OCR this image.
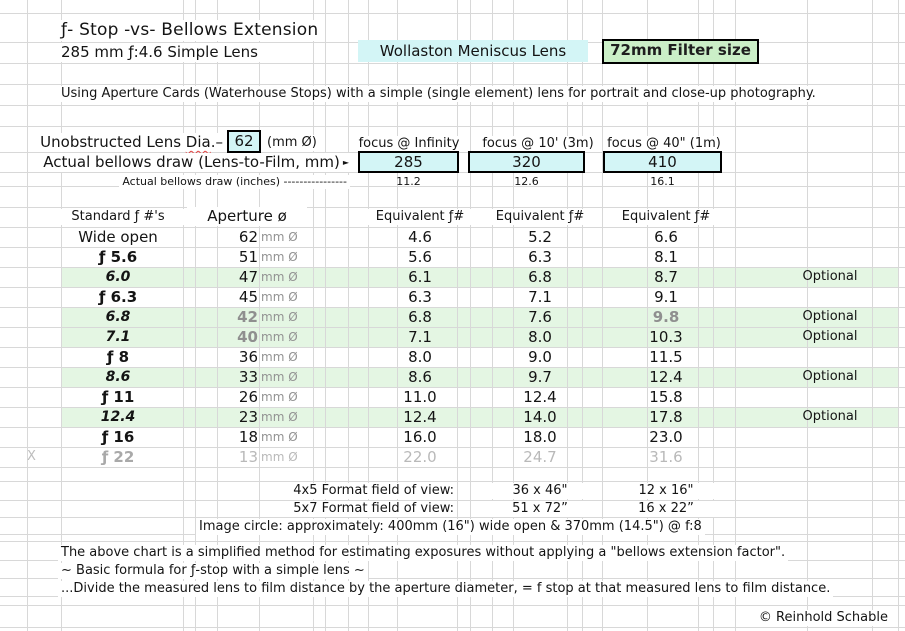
ƒ- Stop -vs- Bellows Extension
285 mm ƒ:4.6 Simple Lens	Wollaston Meniscus Lens	72mm Filter size
Using Aperture Cards (Waterhouse Stops) with a simple (single element) lens for portrait and close-up photography.
Unobstructed Lens Dia.– 62	(mm Ø)	focus @ Infinity	focus @ 10' (3m)	focus @ 40" (1m)
Actual bellows draw (Lens-to-Film, mm) ►	285	320	410
Actual bellows draw (inches) ----------------	11.2	12.6	16.1
Standard ƒ #'s	Aperture ø	Equivalent ƒ#	Equivalent ƒ#	Equivalent ƒ#
Wide open	62 mm Ø	4.6	5.2	6.6
ƒ 5.6	51 mm Ø	5.6	6.3	8.1
6.0	47 mm Ø	6.1	6.8	8.7	Optional
ƒ 6.3	45 mm Ø	6.3	7.1	9.1
6.8	42 mm Ø	6.8	7.6	9.8	Optional
7.1	40 mm Ø	7.1	8.0	10.3	Optional
ƒ 8	36 mm Ø	8.0	9.0	11.5
8.6	33 mm Ø	8.6	9.7	12.4	Optional
ƒ 11	26 mm Ø	11.0	12.4	15.8
12.4	23 mm Ø	12.4	14.0	17.8	Optional
ƒ 16	18 mm Ø	16.0	18.0	23.0
X	ƒ 22	13 mm Ø	22.0	24.7	31.6
4x5 Format field of view:	36 x 46"	12 x 16"
5x7 Format field of view:	51 x 72”	16 x 22”
Image circle: approximately: 400mm (16") wide open & 370mm (14.5") @ f:8
The above chart is a simplified method for estimating exposures without applying a "bellows extension factor".
~ Basic formula for ƒ-stop with a simple lens ~
...Divide the measured lens to film distance by the aperture diameter, = f stop at that measured lens to film distance.
© Reinhold Schable
